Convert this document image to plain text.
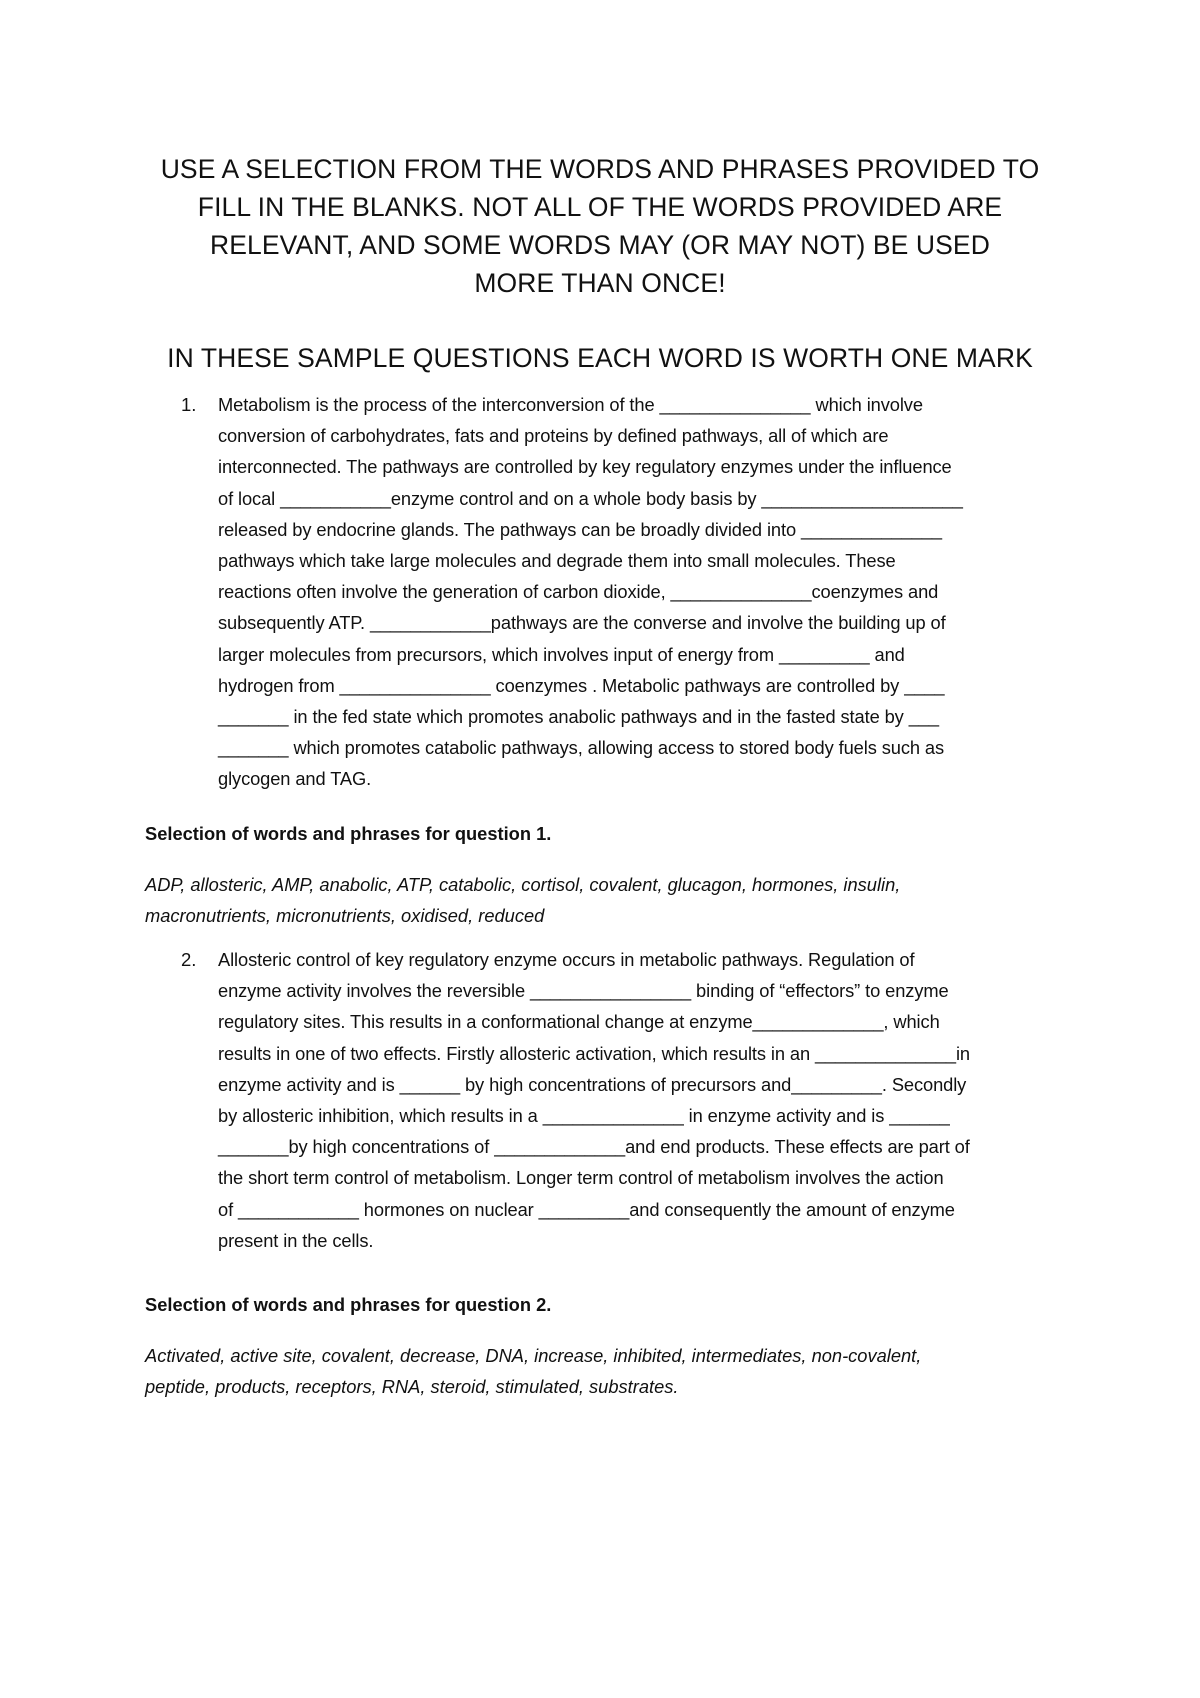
USE A SELECTION FROM THE WORDS AND PHRASES PROVIDED TO
FILL IN THE BLANKS. NOT ALL OF THE WORDS PROVIDED ARE
RELEVANT, AND SOME WORDS MAY (OR MAY NOT) BE USED
MORE THAN ONCE!
IN THESE SAMPLE QUESTIONS EACH WORD IS WORTH ONE MARK
1. Metabolism is the process of the interconversion of the _______________ which involve
conversion of carbohydrates, fats and proteins by defined pathways, all of which are
interconnected. The pathways are controlled by key regulatory enzymes under the influence
of local ___________enzyme control and on a whole body basis by ____________________
released by endocrine glands. The pathways can be broadly divided into ______________
pathways which take large molecules and degrade them into small molecules. These
reactions often involve the generation of carbon dioxide, ______________coenzymes and
subsequently ATP. ____________pathways are the converse and involve the building up of
larger molecules from precursors, which involves input of energy from _________ and
hydrogen from _______________ coenzymes . Metabolic pathways are controlled by ____
_______ in the fed state which promotes anabolic pathways and in the fasted state by ___
_______ which promotes catabolic pathways, allowing access to stored body fuels such as
glycogen and TAG.
Selection of words and phrases for question 1.
ADP, allosteric, AMP, anabolic, ATP, catabolic, cortisol, covalent, glucagon, hormones, insulin,
macronutrients, micronutrients, oxidised, reduced
2. Allosteric control of key regulatory enzyme occurs in metabolic pathways. Regulation of
enzyme activity involves the reversible ________________ binding of “effectors” to enzyme
regulatory sites. This results in a conformational change at enzyme_____________, which
results in one of two effects. Firstly allosteric activation, which results in an ______________in
enzyme activity and is ______ by high concentrations of precursors and_________. Secondly
by allosteric inhibition, which results in a ______________ in enzyme activity and is ______
_______by high concentrations of _____________and end products. These effects are part of
the short term control of metabolism. Longer term control of metabolism involves the action
of ____________ hormones on nuclear _________and consequently the amount of enzyme
present in the cells.
Selection of words and phrases for question 2.
Activated, active site, covalent, decrease, DNA, increase, inhibited, intermediates, non-covalent,
peptide, products, receptors, RNA, steroid, stimulated, substrates.
